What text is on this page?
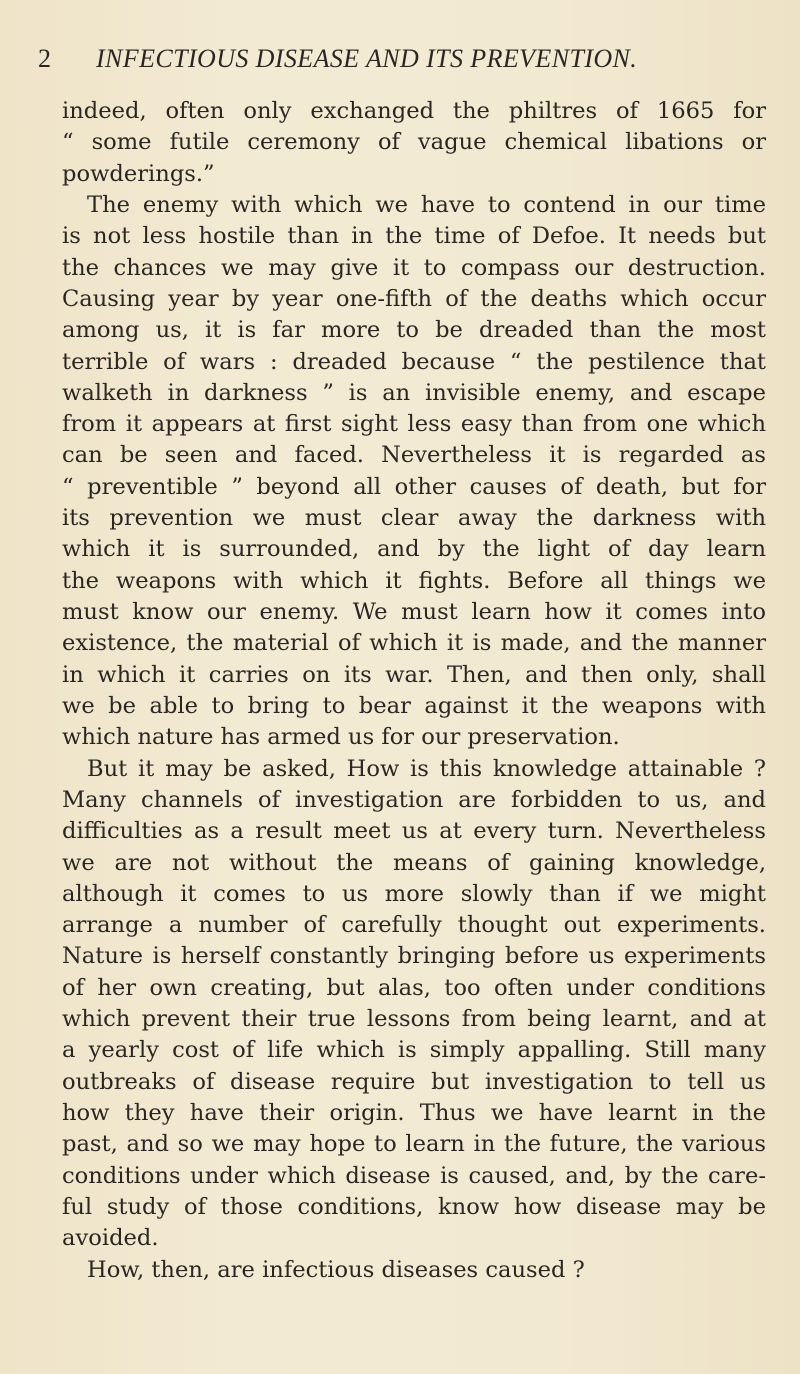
2 INFECTIOUS DISEASE AND ITS PREVENTION.
indeed, often only exchanged the philtres of 1665 for
“ some futile ceremony of vague chemical libations or
powderings.”
The enemy with which we have to contend in our time
is not less hostile than in the time of Defoe. It needs but
the chances we may give it to compass our destruction.
Causing year by year one-fifth of the deaths which occur
among us, it is far more to be dreaded than the most
terrible of wars : dreaded because “ the pestilence that
walketh in darkness ” is an invisible enemy, and escape
from it appears at first sight less easy than from one which
can be seen and faced. Nevertheless it is regarded as
“ preventible ” beyond all other causes of death, but for
its prevention we must clear away the darkness with
which it is surrounded, and by the light of day learn
the weapons with which it fights. Before all things we
must know our enemy. We must learn how it comes into
existence, the material of which it is made, and the manner
in which it carries on its war. Then, and then only, shall
we be able to bring to bear against it the weapons with
which nature has armed us for our preservation.
But it may be asked, How is this knowledge attainable ?
Many channels of investigation are forbidden to us, and
difficulties as a result meet us at every turn. Nevertheless
we are not without the means of gaining knowledge,
although it comes to us more slowly than if we might
arrange a number of carefully thought out experiments.
Nature is herself constantly bringing before us experiments
of her own creating, but alas, too often under conditions
which prevent their true lessons from being learnt, and at
a yearly cost of life which is simply appalling. Still many
outbreaks of disease require but investigation to tell us
how they have their origin. Thus we have learnt in the
past, and so we may hope to learn in the future, the various
conditions under which disease is caused, and, by the care-
ful study of those conditions, know how disease may be
avoided.
How, then, are infectious diseases caused ?
